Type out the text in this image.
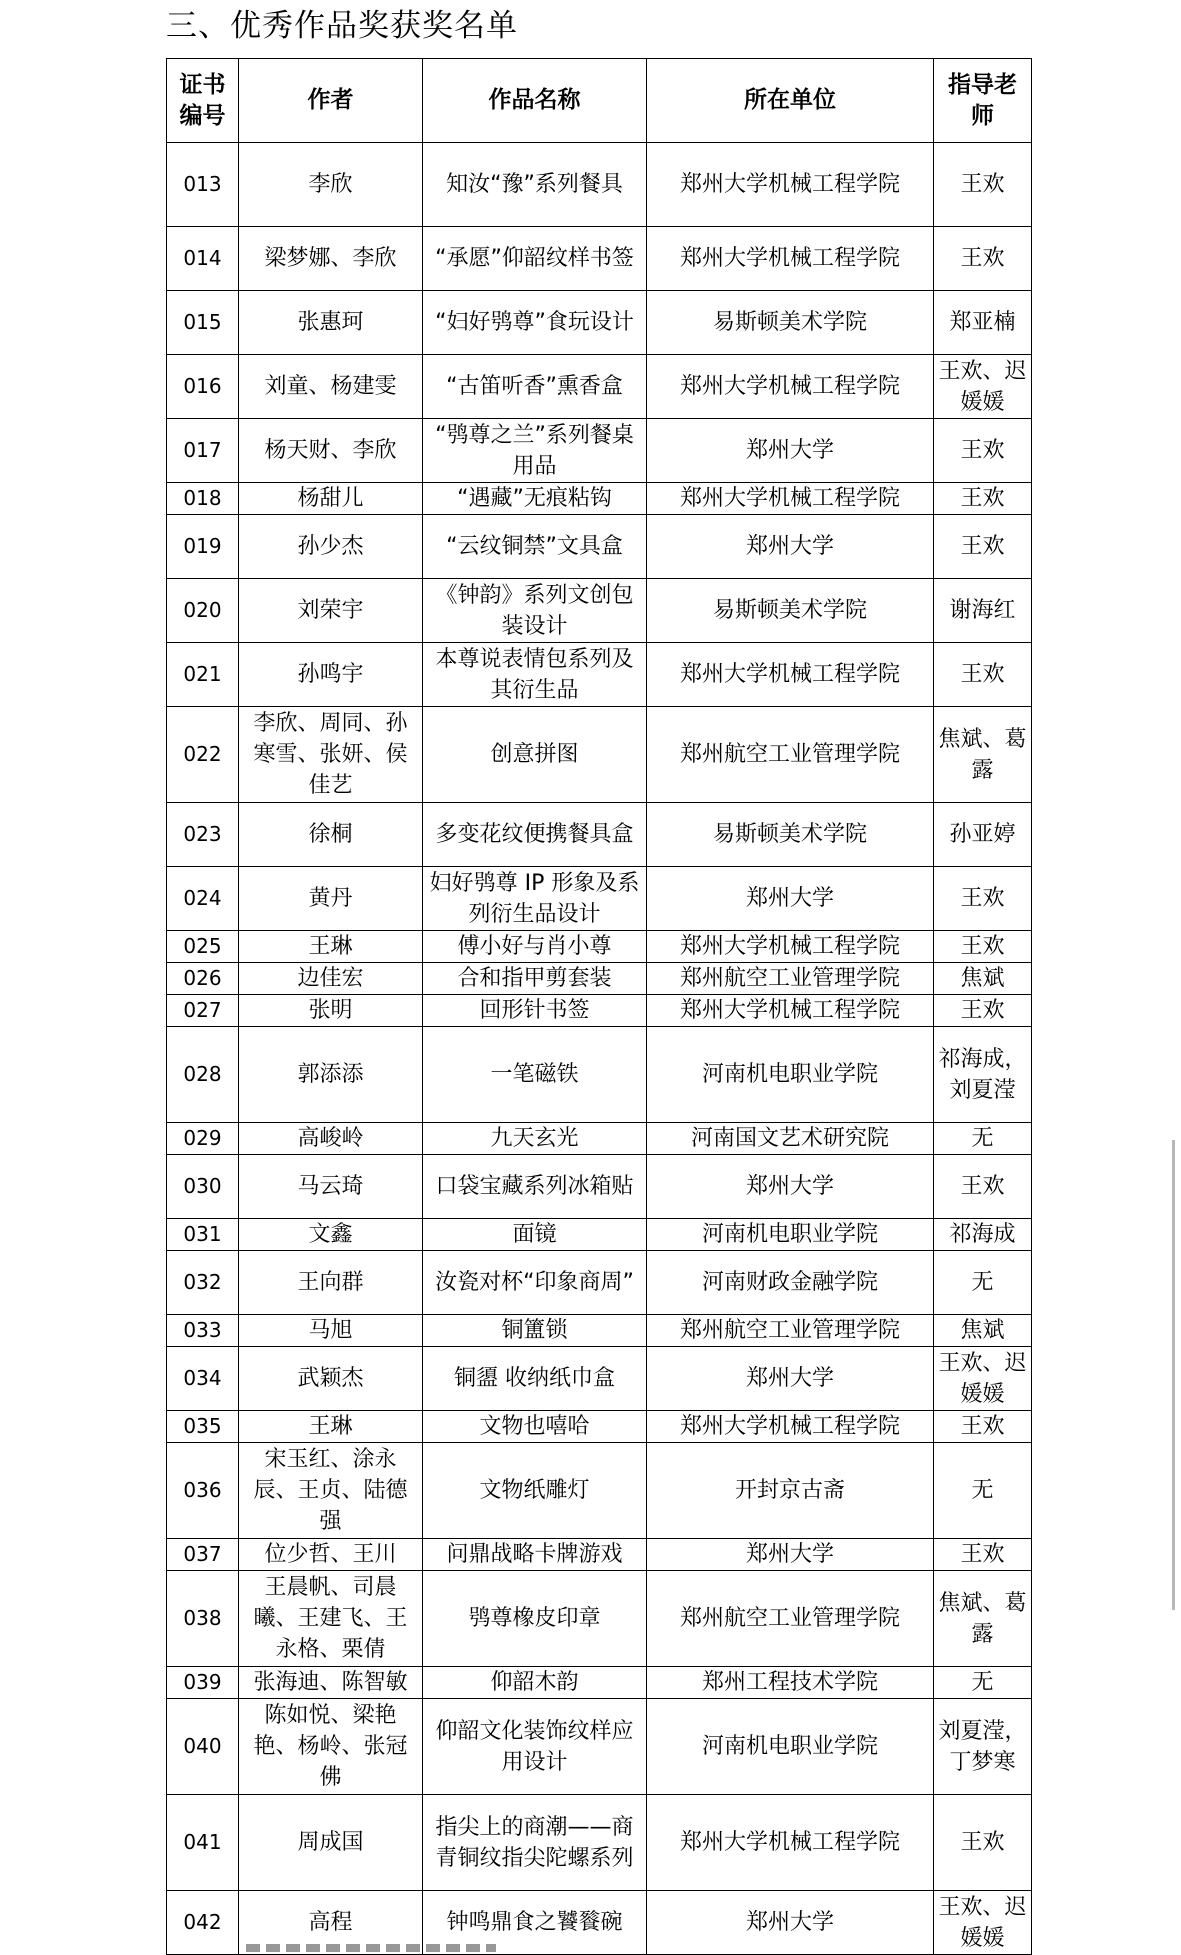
三、优秀作品奖获奖名单
证书编号	作者	作品名称	所在单位	指导老师
013	李欣	知汝“豫”系列餐具	郑州大学机械工程学院	王欢
014	梁梦娜、李欣	“承愿”仰韶纹样书签	郑州大学机械工程学院	王欢
015	张惠珂	“妇好鸮尊”食玩设计	易斯顿美术学院	郑亚楠
016	刘童、杨建雯	“古笛听香”熏香盒	郑州大学机械工程学院	王欢、迟媛媛
017	杨天财、李欣	“鸮尊之兰”系列餐桌用品	郑州大学	王欢
018	杨甜儿	“遇藏”无痕粘钩	郑州大学机械工程学院	王欢
019	孙少杰	“云纹铜禁”文具盒	郑州大学	王欢
020	刘荣宇	《钟韵》系列文创包装设计	易斯顿美术学院	谢海红
021	孙鸣宇	本尊说表情包系列及其衍生品	郑州大学机械工程学院	王欢
022	李欣、周同、孙寒雪、张妍、侯佳艺	创意拼图	郑州航空工业管理学院	焦斌、葛露
023	徐桐	多变花纹便携餐具盒	易斯顿美术学院	孙亚婷
024	黄丹	妇好鸮尊 IP 形象及系列衍生品设计	郑州大学	王欢
025	王琳	傅小好与肖小尊	郑州大学机械工程学院	王欢
026	边佳宏	合和指甲剪套装	郑州航空工业管理学院	焦斌
027	张明	回形针书签	郑州大学机械工程学院	王欢
028	郭添添	一笔磁铁	河南机电职业学院	祁海成，刘夏滢
029	高峻岭	九天玄光	河南国文艺术研究院	无
030	马云琦	口袋宝藏系列冰箱贴	郑州大学	王欢
031	文鑫	面镜	河南机电职业学院	祁海成
032	王向群	汝瓷对杯“印象商周”	河南财政金融学院	无
033	马旭	铜簠锁	郑州航空工业管理学院	焦斌
034	武颖杰	铜盨 收纳纸巾盒	郑州大学	王欢、迟媛媛
035	王琳	文物也嘻哈	郑州大学机械工程学院	王欢
036	宋玉红、涂永辰、王贞、陆德强	文物纸雕灯	开封京古斋	无
037	位少哲、王川	问鼎战略卡牌游戏	郑州大学	王欢
038	王晨帆、司晨曦、王建飞、王永格、栗倩	鸮尊橡皮印章	郑州航空工业管理学院	焦斌、葛露
039	张海迪、陈智敏	仰韶木韵	郑州工程技术学院	无
040	陈如悦、梁艳艳、杨岭、张冠佛	仰韶文化装饰纹样应用设计	河南机电职业学院	刘夏滢，丁梦寒
041	周成国	指尖上的商潮——商青铜纹指尖陀螺系列	郑州大学机械工程学院	王欢
042	高程	钟鸣鼎食之饕餮碗	郑州大学	王欢、迟媛媛
